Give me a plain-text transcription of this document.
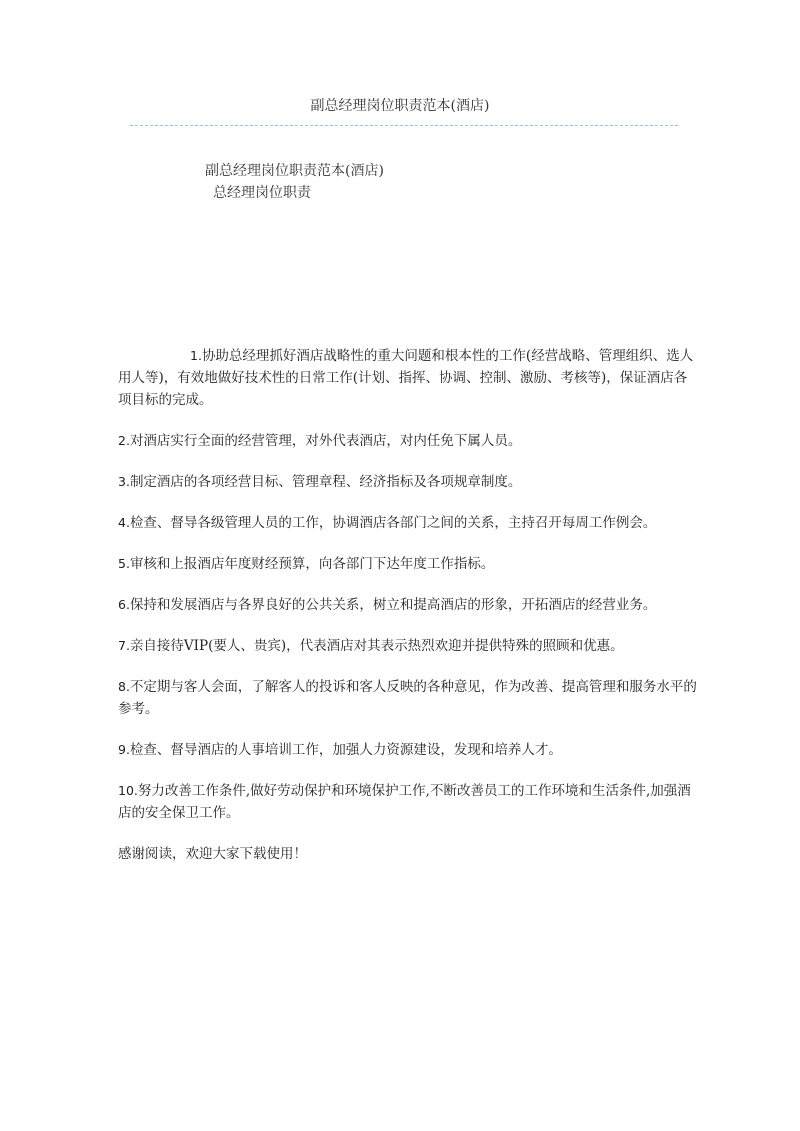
副总经理岗位职责范本(酒店)
副总经理岗位职责范本(酒店)
总经理岗位职责

1.协助总经理抓好酒店战略性的重大问题和根本性的工作(经营战略、管理组织、选人用人等)，有效地做好技术性的日常工作(计划、指挥、协调、控制、激励、考核等)，保证酒店各项目标的完成。

2.对酒店实行全面的经营管理，对外代表酒店，对内任免下属人员。

3.制定酒店的各项经营目标、管理章程、经济指标及各项规章制度。

4.检查、督导各级管理人员的工作，协调酒店各部门之间的关系，主持召开每周工作例会。

5.审核和上报酒店年度财经预算，向各部门下达年度工作指标。

6.保持和发展酒店与各界良好的公共关系，树立和提高酒店的形象，开拓酒店的经营业务。

7.亲自接待VIP(要人、贵宾)，代表酒店对其表示热烈欢迎并提供特殊的照顾和优惠。

8.不定期与客人会面，了解客人的投诉和客人反映的各种意见，作为改善、提高管理和服务水平的参考。

9.检查、督导酒店的人事培训工作，加强人力资源建设，发现和培养人才。

10.努力改善工作条件,做好劳动保护和环境保护工作,不断改善员工的工作环境和生活条件,加强酒店的安全保卫工作。

感谢阅读，欢迎大家下载使用！
